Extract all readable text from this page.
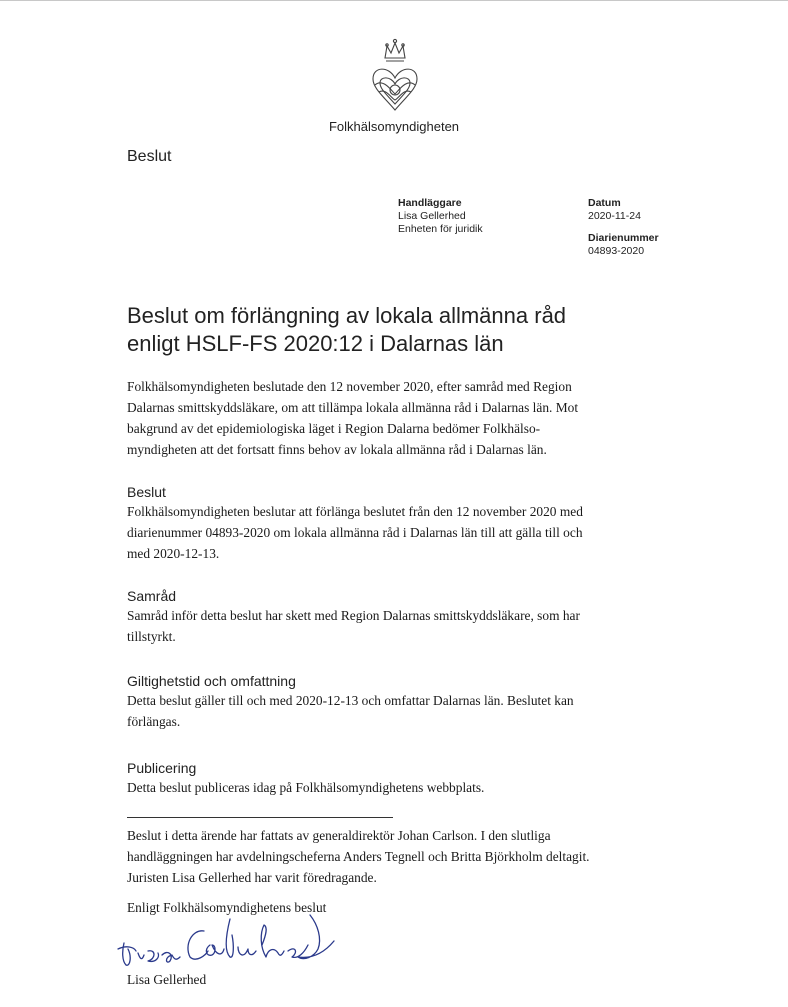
Folkhälsomyndigheten
Beslut
Handläggare
Lisa Gellerhed
Enheten för juridik
Datum
2020-11-24
Diarienummer
04893-2020
Beslut om förlängning av lokala allmänna råd
enligt HSLF-FS 2020:12 i Dalarnas län
Folkhälsomyndigheten beslutade den 12 november 2020, efter samråd med Region
Dalarnas smittskyddsläkare, om att tillämpa lokala allmänna råd i Dalarnas län. Mot
bakgrund av det epidemiologiska läget i Region Dalarna bedömer Folkhälso-
myndigheten att det fortsatt finns behov av lokala allmänna råd i Dalarnas län.
Beslut
Folkhälsomyndigheten beslutar att förlänga beslutet från den 12 november 2020 med
diarienummer 04893-2020 om lokala allmänna råd i Dalarnas län till att gälla till och
med 2020-12-13.
Samråd
Samråd inför detta beslut har skett med Region Dalarnas smittskyddsläkare, som har
tillstyrkt.
Giltighetstid och omfattning
Detta beslut gäller till och med 2020-12-13 och omfattar Dalarnas län. Beslutet kan
förlängas.
Publicering
Detta beslut publiceras idag på Folkhälsomyndighetens webbplats.
Beslut i detta ärende har fattats av generaldirektör Johan Carlson. I den slutliga
handläggningen har avdelningscheferna Anders Tegnell och Britta Björkholm deltagit.
Juristen Lisa Gellerhed har varit föredragande.
Enligt Folkhälsomyndighetens beslut
Lisa Gellerhed
